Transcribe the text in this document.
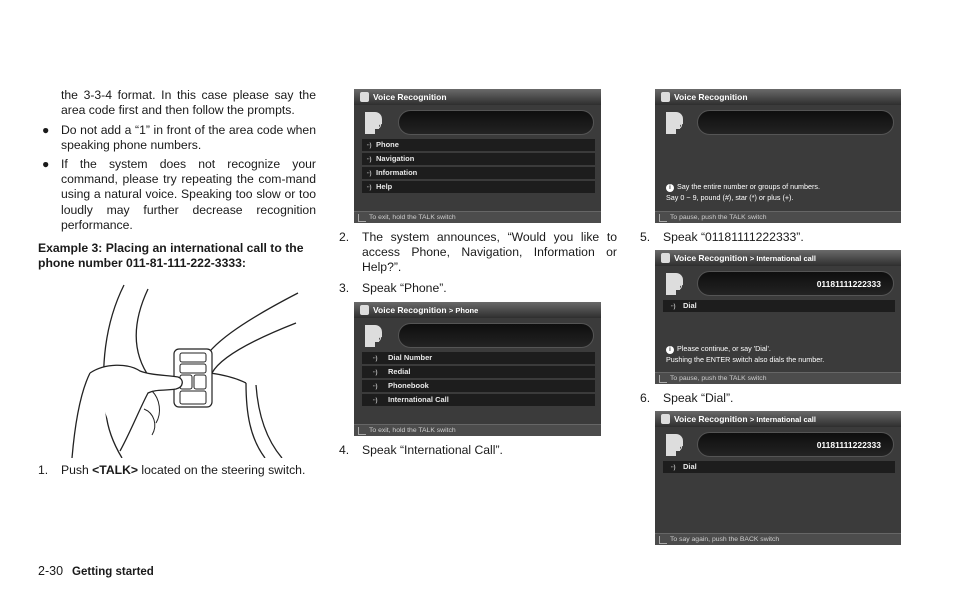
the 3-3-4 format. In this case please say the area code first and then follow the prompts.
● Do not add a “1” in front of the area code when speaking phone numbers.
● If the system does not recognize your command, please try repeating the com-mand using a natural voice. Speaking too slow or too loudly may further decrease recognition performance.
Example 3: Placing an international call to the phone number 011-81-111-222-3333:
1. Push <TALK> located on the steering switch.
Voice Recognition
ᐧᐧ) Phone
ᐧᐧ) Navigation
ᐧᐧ) Information
ᐧᐧ) Help
To exit, hold the TALK switch
2. The system announces, “Would you like to access Phone, Navigation, Information or Help?”.
3. Speak “Phone”.
Voice Recognition > Phone
ᐧᐧ) Dial Number
ᐧᐧ) Redial
ᐧᐧ) Phonebook
ᐧᐧ) International Call
To exit, hold the TALK switch
4. Speak “International Call”.
Voice Recognition
i Say the entire number or groups of numbers.
Say 0 ~ 9, pound (#), star (*) or plus (+).
To pause, push the TALK switch
5. Speak “01181111222333”.
Voice Recognition > International call
01181111222333
ᐧᐧ) Dial
i Please continue, or say 'Dial'.
Pushing the ENTER switch also dials the number.
To pause, push the TALK switch
6. Speak “Dial”.
Voice Recognition > International call
01181111222333
ᐧᐧ) Dial
To say again, push the BACK switch
2-30 Getting started
